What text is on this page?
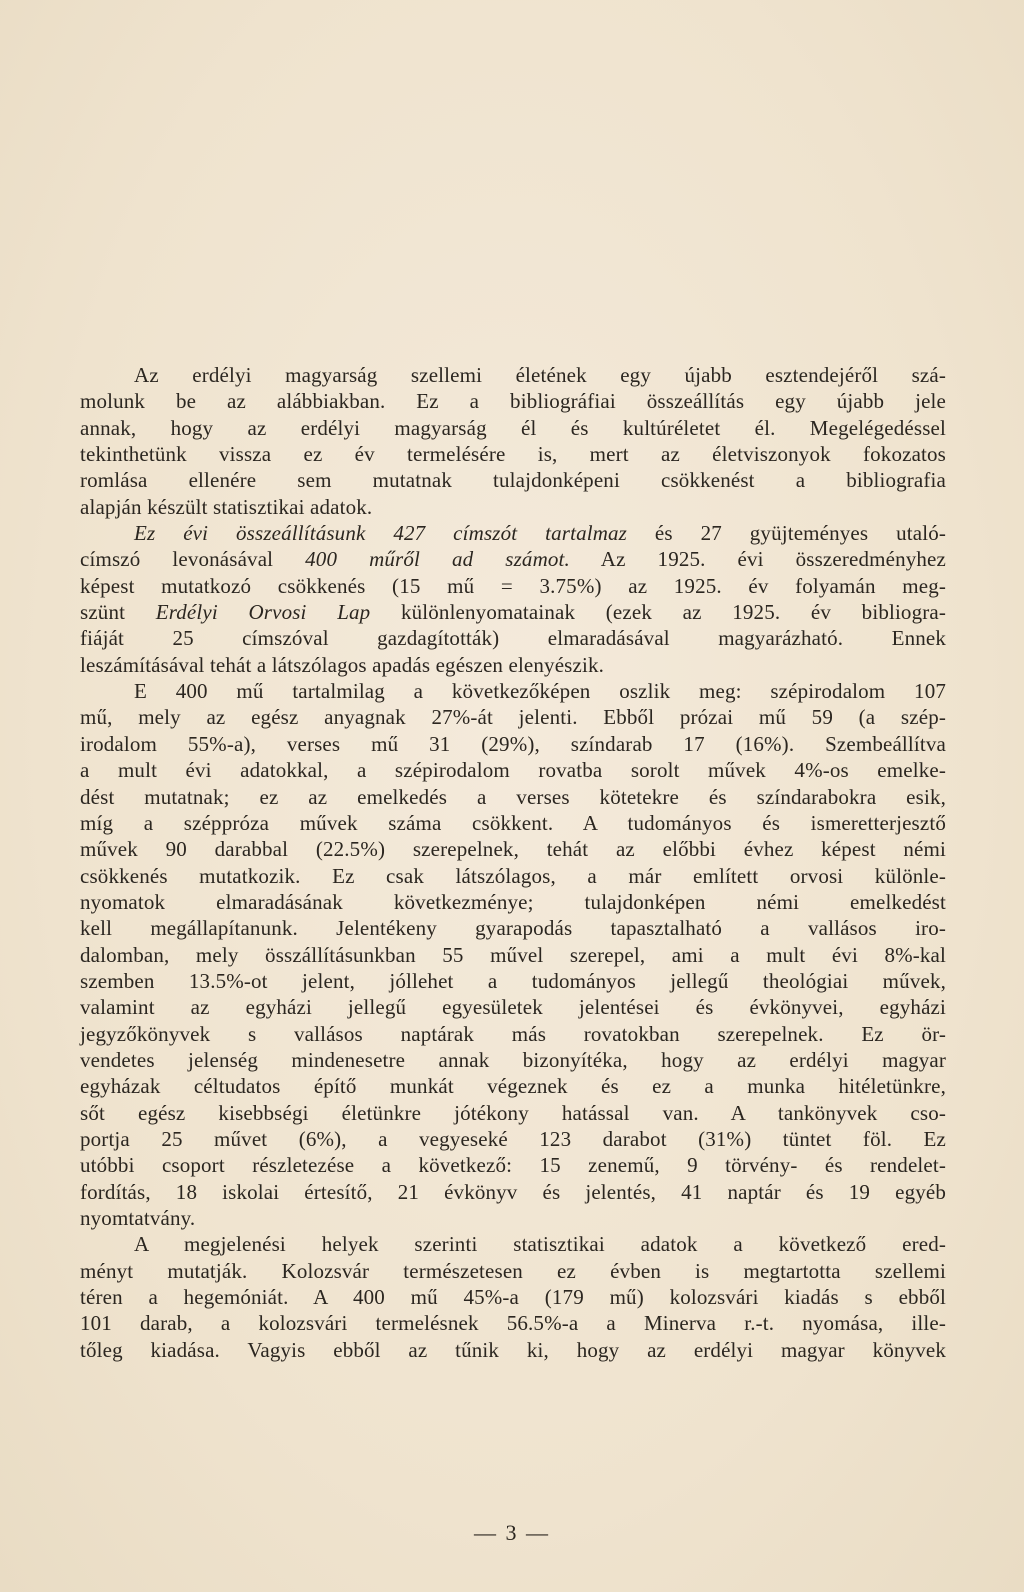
Az erdélyi magyarság szellemi életének egy újabb esztendejéről szá-
molunk be az alábbiakban. Ez a bibliográfiai összeállítás egy újabb jele
annak, hogy az erdélyi magyarság él és kultúréletet él. Megelégedéssel
tekinthetünk vissza ez év termelésére is, mert az életviszonyok fokozatos
romlása ellenére sem mutatnak tulajdonképeni csökkenést a bibliografia
alapján készült statisztikai adatok.

Ez évi összeállításunk 427 címszót tartalmaz és 27 gyüjteményes utaló-
címszó levonásával 400 műről ad számot. Az 1925. évi összeredményhez
képest mutatkozó csökkenés (15 mű = 3.75%) az 1925. év folyamán meg-
szünt Erdélyi Orvosi Lap különlenyomatainak (ezek az 1925. év bibliogra-
fiáját 25 címszóval gazdagították) elmaradásával magyarázható. Ennek
leszámításával tehát a látszólagos apadás egészen elenyészik.

E 400 mű tartalmilag a következőképen oszlik meg: szépirodalom 107
mű, mely az egész anyagnak 27%-át jelenti. Ebből prózai mű 59 (a szép-
irodalom 55%-a), verses mű 31 (29%), színdarab 17 (16%). Szembeállítva
a mult évi adatokkal, a szépirodalom rovatba sorolt művek 4%-os emelke-
dést mutatnak; ez az emelkedés a verses kötetekre és színdarabokra esik,
míg a széppróza művek száma csökkent. A tudományos és ismeretterjesztő
művek 90 darabbal (22.5%) szerepelnek, tehát az előbbi évhez képest némi
csökkenés mutatkozik. Ez csak látszólagos, a már említett orvosi különle-
nyomatok elmaradásának következménye; tulajdonképen némi emelkedést
kell megállapítanunk. Jelentékeny gyarapodás tapasztalható a vallásos iro-
dalomban, mely összállításunkban 55 művel szerepel, ami a mult évi 8%-kal
szemben 13.5%-ot jelent, jóllehet a tudományos jellegű theológiai művek,
valamint az egyházi jellegű egyesületek jelentései és évkönyvei, egyházi
jegyzőkönyvek s vallásos naptárak más rovatokban szerepelnek. Ez ör-
vendetes jelenség mindenesetre annak bizonyítéka, hogy az erdélyi magyar
egyházak céltudatos építő munkát végeznek és ez a munka hitéletünkre,
sőt egész kisebbségi életünkre jótékony hatással van. A tankönyvek cso-
portja 25 művet (6%), a vegyeseké 123 darabot (31%) tüntet föl. Ez
utóbbi csoport részletezése a következő: 15 zenemű, 9 törvény- és rendelet-
fordítás, 18 iskolai értesítő, 21 évkönyv és jelentés, 41 naptár és 19 egyéb
nyomtatvány.

A megjelenési helyek szerinti statisztikai adatok a következő ered-
ményt mutatják. Kolozsvár természetesen ez évben is megtartotta szellemi
téren a hegemóniát. A 400 mű 45%-a (179 mű) kolozsvári kiadás s ebből
101 darab, a kolozsvári termelésnek 56.5%-a a Minerva r.-t. nyomása, ille-
tőleg kiadása. Vagyis ebből az tűnik ki, hogy az erdélyi magyar könyvek

— 3 —
